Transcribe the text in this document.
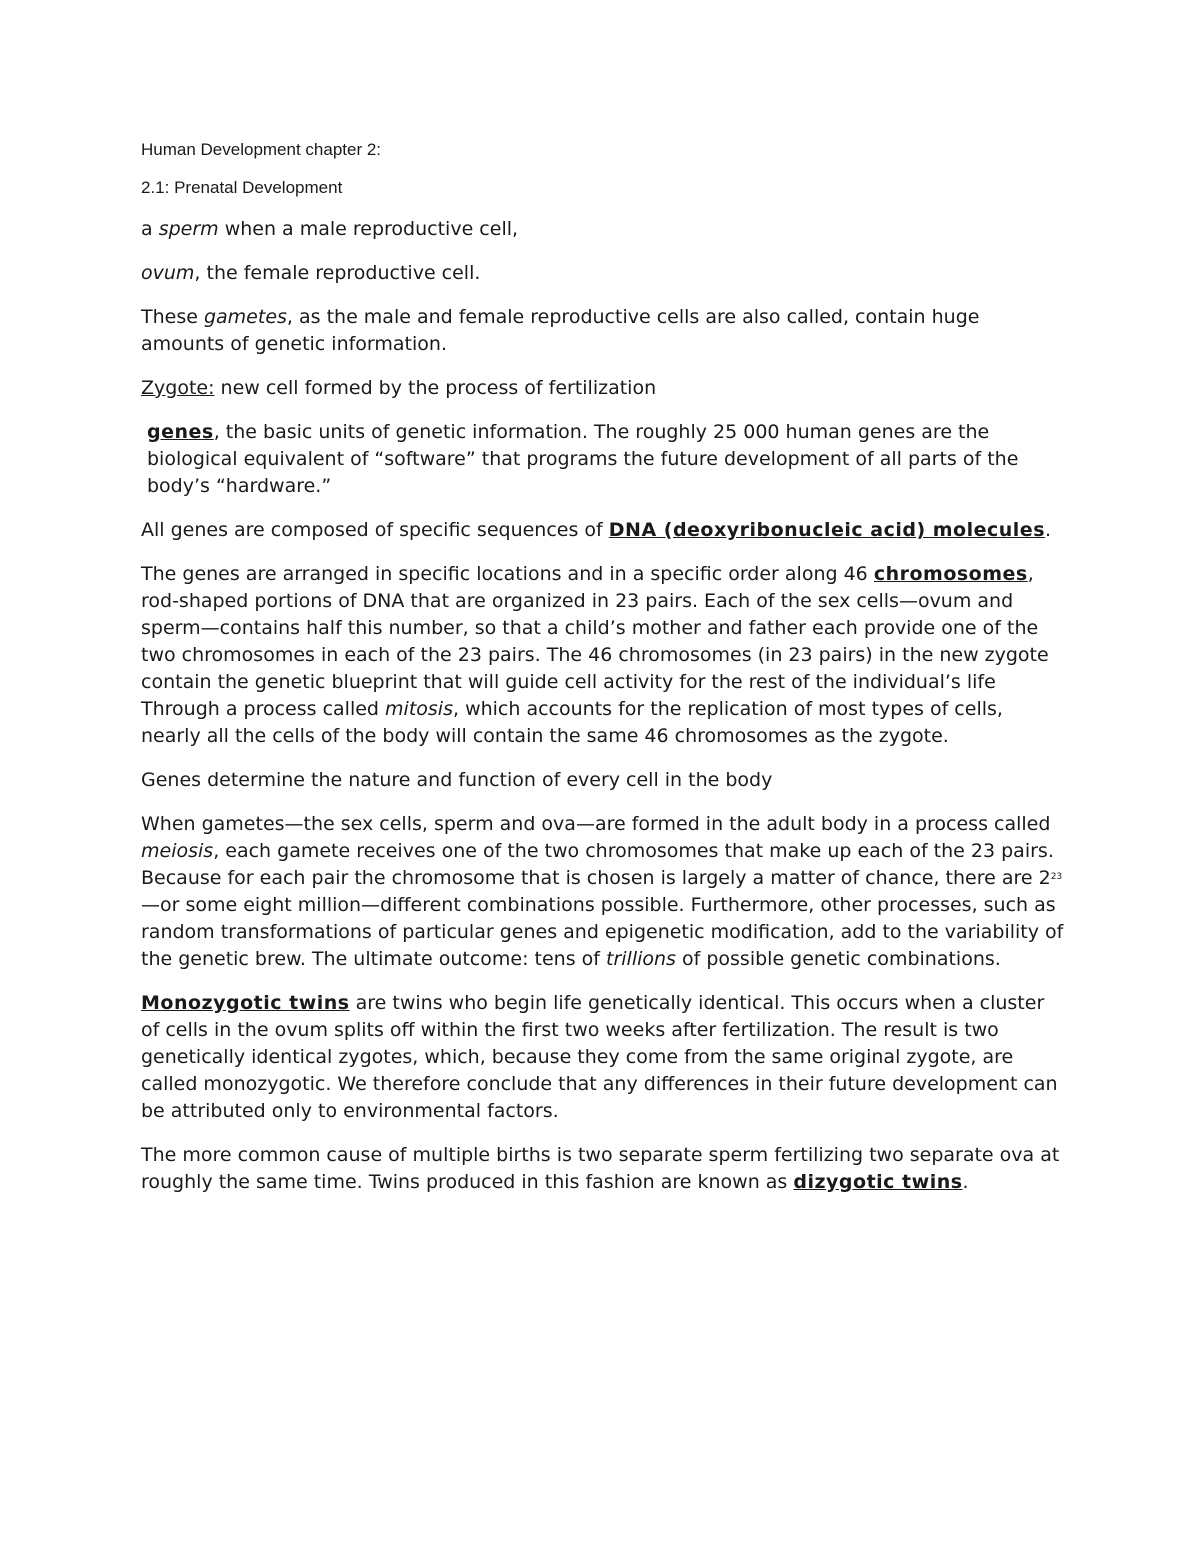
Human Development chapter 2:
2.1: Prenatal Development

a sperm when a male reproductive cell,

ovum, the female reproductive cell.

These gametes, as the male and female reproductive cells are also called, contain huge amounts of genetic information.

Zygote: new cell formed by the process of fertilization

genes, the basic units of genetic information. The roughly 25 000 human genes are the biological equivalent of “software” that programs the future development of all parts of the body’s “hardware.”

All genes are composed of specific sequences of DNA (deoxyribonucleic acid) molecules.

The genes are arranged in specific locations and in a specific order along 46 chromosomes, rod-shaped portions of DNA that are organized in 23 pairs. Each of the sex cells—ovum and sperm—contains half this number, so that a child’s mother and father each provide one of the two chromosomes in each of the 23 pairs. The 46 chromosomes (in 23 pairs) in the new zygote contain the genetic blueprint that will guide cell activity for the rest of the individual’s life Through a process called mitosis, which accounts for the replication of most types of cells, nearly all the cells of the body will contain the same 46 chromosomes as the zygote.

Genes determine the nature and function of every cell in the body

When gametes—the sex cells, sperm and ova—are formed in the adult body in a process called meiosis, each gamete receives one of the two chromosomes that make up each of the 23 pairs. Because for each pair the chromosome that is chosen is largely a matter of chance, there are $2^{23}—or$ some eight million—different combinations possible. Furthermore, other processes, such as random transformations of particular genes and epigenetic modification, add to the variability of the genetic brew. The ultimate outcome: tens of trillions of possible genetic combinations.

Monozygotic twins are twins who begin life genetically identical. This occurs when a cluster of cells in the ovum splits off within the first two weeks after fertilization. The result is two genetically identical zygotes, which, because they come from the same original zygote, are called monozygotic. We therefore conclude that any differences in their future development can be attributed only to environmental factors.

The more common cause of multiple births is two separate sperm fertilizing two separate ova at roughly the same time. Twins produced in this fashion are known as dizygotic twins.
